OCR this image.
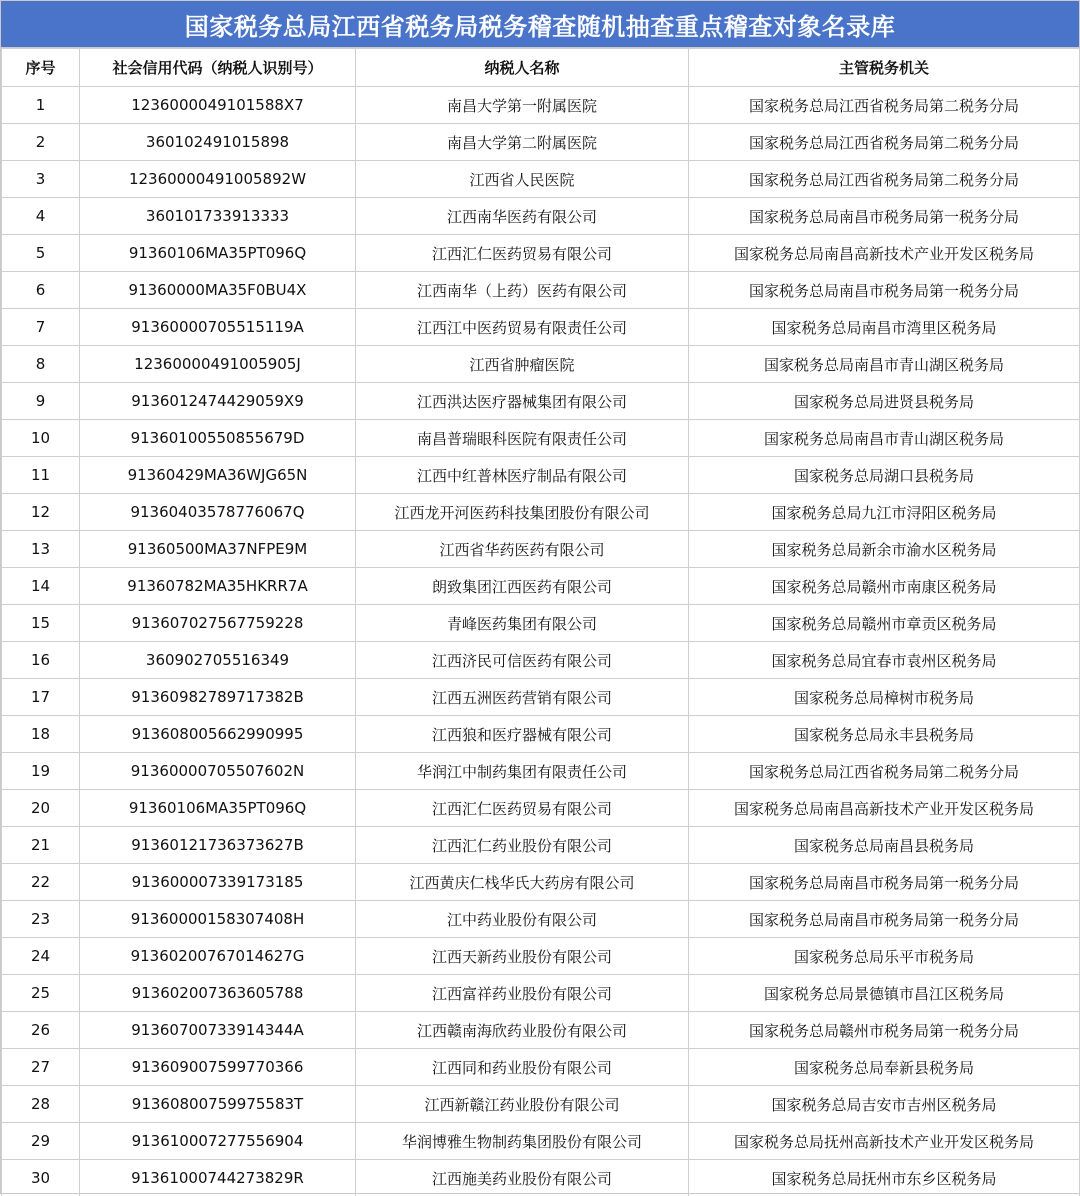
国家税务总局江西省税务局税务稽查随机抽查重点稽查对象名录库
序号	社会信用代码（纳税人识别号）	纳税人名称	主管税务机关
1	1236000049101588X7	南昌大学第一附属医院	国家税务总局江西省税务局第二税务分局
2	360102491015898	南昌大学第二附属医院	国家税务总局江西省税务局第二税务分局
3	12360000491005892W	江西省人民医院	国家税务总局江西省税务局第二税务分局
4	360101733913333	江西南华医药有限公司	国家税务总局南昌市税务局第一税务分局
5	91360106MA35PT096Q	江西汇仁医药贸易有限公司	国家税务总局南昌高新技术产业开发区税务局
6	91360000MA35F0BU4X	江西南华（上药）医药有限公司	国家税务总局南昌市税务局第一税务分局
7	91360000705515119A	江西江中医药贸易有限责任公司	国家税务总局南昌市湾里区税务局
8	12360000491005905J	江西省肿瘤医院	国家税务总局南昌市青山湖区税务局
9	9136012474429059X9	江西洪达医疗器械集团有限公司	国家税务总局进贤县税务局
10	91360100550855679D	南昌普瑞眼科医院有限责任公司	国家税务总局南昌市青山湖区税务局
11	91360429MA36WJG65N	江西中红普林医疗制品有限公司	国家税务总局湖口县税务局
12	91360403578776067Q	江西龙开河医药科技集团股份有限公司	国家税务总局九江市浔阳区税务局
13	91360500MA37NFPE9M	江西省华药医药有限公司	国家税务总局新余市渝水区税务局
14	91360782MA35HKRR7A	朗致集团江西医药有限公司	国家税务总局赣州市南康区税务局
15	913607027567759228	青峰医药集团有限公司	国家税务总局赣州市章贡区税务局
16	360902705516349	江西济民可信医药有限公司	国家税务总局宜春市袁州区税务局
17	91360982789717382B	江西五洲医药营销有限公司	国家税务总局樟树市税务局
18	913608005662990995	江西狼和医疗器械有限公司	国家税务总局永丰县税务局
19	91360000705507602N	华润江中制药集团有限责任公司	国家税务总局江西省税务局第二税务分局
20	91360106MA35PT096Q	江西汇仁医药贸易有限公司	国家税务总局南昌高新技术产业开发区税务局
21	91360121736373627B	江西汇仁药业股份有限公司	国家税务总局南昌县税务局
22	913600007339173185	江西黄庆仁栈华氏大药房有限公司	国家税务总局南昌市税务局第一税务分局
23	91360000158307408H	江中药业股份有限公司	国家税务总局南昌市税务局第一税务分局
24	91360200767014627G	江西天新药业股份有限公司	国家税务总局乐平市税务局
25	913602007363605788	江西富祥药业股份有限公司	国家税务总局景德镇市昌江区税务局
26	91360700733914344A	江西赣南海欣药业股份有限公司	国家税务总局赣州市税务局第一税务分局
27	913609007599770366	江西同和药业股份有限公司	国家税务总局奉新县税务局
28	91360800759975583T	江西新赣江药业股份有限公司	国家税务总局吉安市吉州区税务局
29	913610007277556904	华润博雅生物制药集团股份有限公司	国家税务总局抚州高新技术产业开发区税务局
30	91361000744273829R	江西施美药业股份有限公司	国家税务总局抚州市东乡区税务局
